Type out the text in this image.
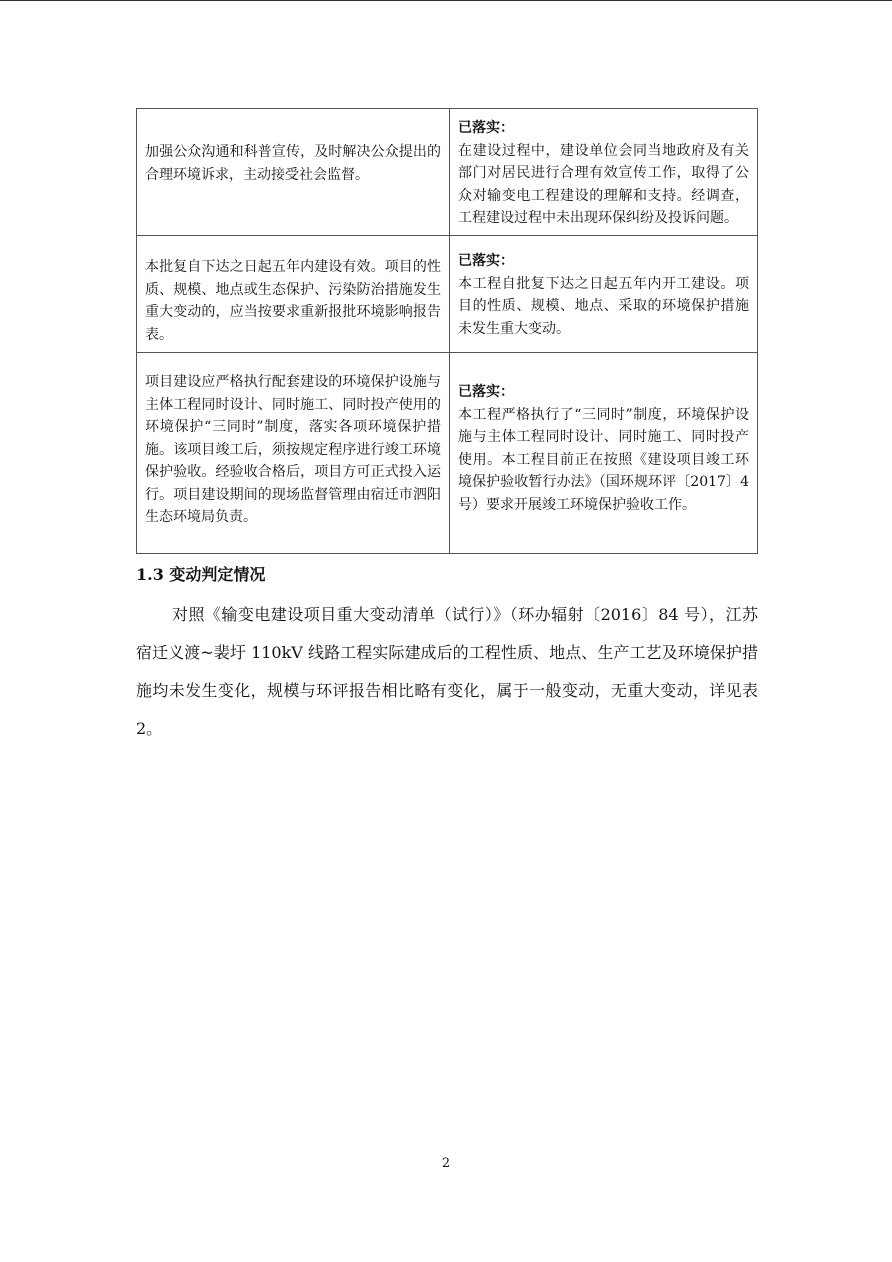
加强公众沟通和科普宣传，及时解决公众提出的合理环境诉求，主动接受社会监督。	已落实：
在建设过程中，建设单位会同当地政府及有关部门对居民进行合理有效宣传工作，取得了公众对输变电工程建设的理解和支持。经调查，工程建设过程中未出现环保纠纷及投诉问题。

本批复自下达之日起五年内建设有效。项目的性质、规模、地点或生态保护、污染防治措施发生重大变动的，应当按要求重新报批环境影响报告表。	已落实：
本工程自批复下达之日起五年内开工建设。项目的性质、规模、地点、采取的环境保护措施未发生重大变动。

项目建设应严格执行配套建设的环境保护设施与主体工程同时设计、同时施工、同时投产使用的环境保护“三同时”制度，落实各项环境保护措施。该项目竣工后，须按规定程序进行竣工环境保护验收。经验收合格后，项目方可正式投入运行。项目建设期间的现场监督管理由宿迁市泗阳生态环境局负责。	已落实：
本工程严格执行了“三同时”制度，环境保护设施与主体工程同时设计、同时施工、同时投产使用。本工程目前正在按照《建设项目竣工环境保护验收暂行办法》（国环规环评〔2017〕4号）要求开展竣工环境保护验收工作。
1.3 变动判定情况
对照《输变电建设项目重大变动清单（试行）》（环办辐射〔2016〕84 号），江苏宿迁义渡~裴圩 110kV 线路工程实际建成后的工程性质、地点、生产工艺及环境保护措施均未发生变化，规模与环评报告相比略有变化，属于一般变动，无重大变动，详见表 2。
2
